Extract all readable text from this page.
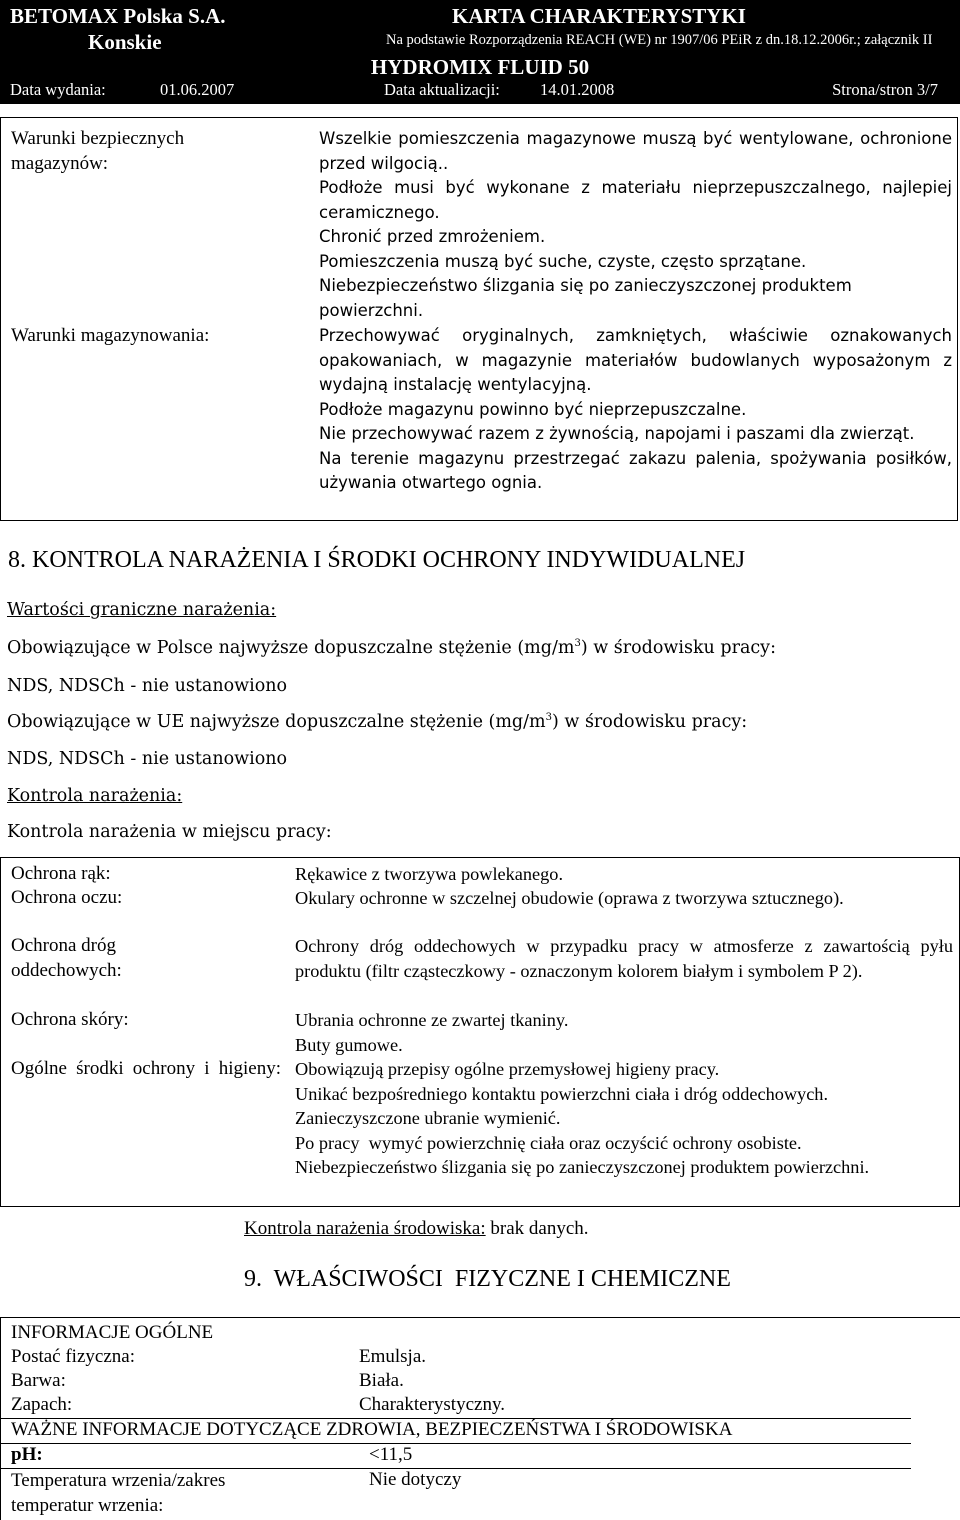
BETOMAX Polska S.A.
Konskie
KARTA CHARAKTERYSTYKI
Na podstawie Rozporządzenia REACH (WE) nr 1907/06 PEiR z dn.18.12.2006r.; załącznik II
HYDROMIX FLUID 50
Data wydania:	01.06.2007	Data aktualizacji: 14.01.2008	Strona/stron 3/7
Warunki bezpiecznych magazynów:
Wszelkie pomieszczenia magazynowe muszą być wentylowane, ochronione przed wilgocią..
Podłoże musi być wykonane z materiału nieprzepuszczalnego, najlepiej ceramicznego.
Chronić przed zmrożeniem.
Pomieszczenia muszą być suche, czyste, często sprzątane.
Niebezpieczeństwo ślizgania się po zanieczyszczonej produktem powierzchni.
Warunki magazynowania:	Przechowywać oryginalnych, zamkniętych, właściwie oznakowanych opakowaniach, w magazynie materiałów budowlanych wyposażonym z wydajną instalację wentylacyjną.
Podłoże magazynu powinno być nieprzepuszczalne.
Nie przechowywać razem z żywnością, napojami i paszami dla zwierząt.
Na terenie magazynu przestrzegać zakazu palenia, spożywania posiłków, używania otwartego ognia.
8. KONTROLA NARAŻENIA I ŚRODKI OCHRONY INDYWIDUALNEJ
Wartości graniczne narażenia:
Obowiązujące w Polsce najwyższe dopuszczalne stężenie $(mg/m^3)$ w środowisku pracy:
NDS, NDSCh - nie ustanowiono
Obowiązujące w UE najwyższe dopuszczalne stężenie $(mg/m^3)$ w środowisku pracy:
NDS, NDSCh - nie ustanowiono
Kontrola narażenia:
Kontrola narażenia w miejscu pracy:
Ochrona rąk:	Rękawice z tworzywa powlekanego.
Ochrona oczu:	Okulary ochronne w szczelnej obudowie (oprawa z tworzywa sztucznego).
Ochrona dróg oddechowych:
Ochrony dróg oddechowych w przypadku pracy w atmosferze z zawartością pyłu produktu (filtr cząsteczkowy - oznaczonym kolorem białym i symbolem P 2).
Ochrona skóry:	Ubrania ochronne ze zwartej tkaniny.
Buty gumowe.
Ogólne środki ochrony i higieny: Obowiązują przepisy ogólne przemysłowej higieny pracy.
Unikać bezpośredniego kontaktu powierzchni ciała i dróg oddechowych.
Zanieczyszczone ubranie wymienić.
Po pracy  wymyć powierzchnię ciała oraz oczyścić ochrony osobiste.
Niebezpieczeństwo ślizgania się po zanieczyszczonej produktem powierzchni.
Kontrola narażenia środowiska: brak danych.
9.  WŁAŚCIWOŚCI  FIZYCZNE I CHEMICZNE
INFORMACJE OGÓLNE
Postać fizyczna:	Emulsja.
Barwa:	Biała.
Zapach:	Charakterystyczny.
WAŻNE INFORMACJE DOTYCZĄCE ZDROWIA, BEZPIECZEŃSTWA I ŚRODOWISKA
pH:	<11,5
Temperatura wrzenia/zakres temperatur wrzenia:
Nie dotyczy
